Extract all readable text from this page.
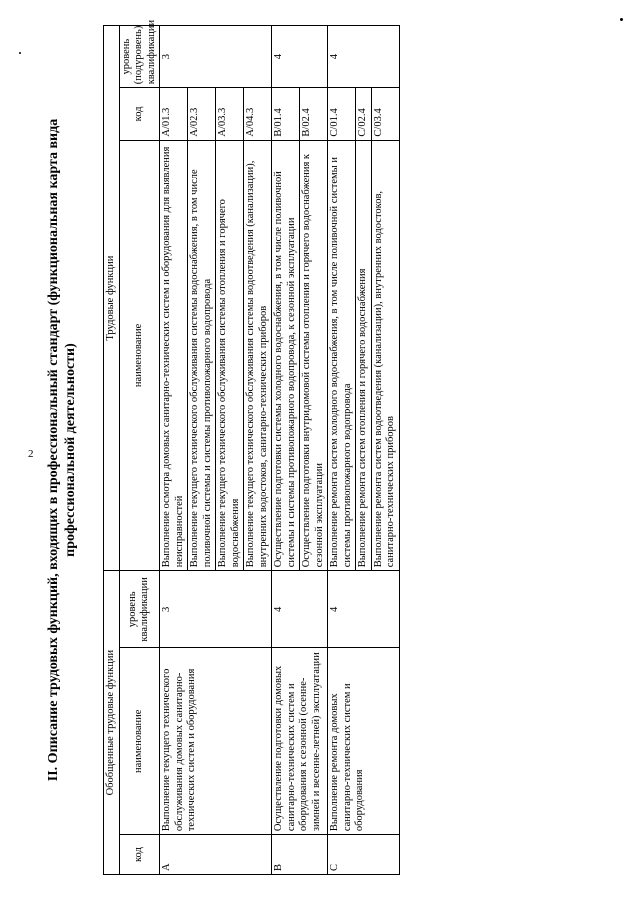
2 II. Описание трудовых функций, входящих в профессиональный стандарт (функциональная карта вида профессиональной деятельности)
Обобщенные трудовые функции			Трудовые функции		
код	наименование	уровень квалификации	наименование	код	уровень (подуровень) квалификации
A	Выполнение текущего технического обслуживания домовых санитарно-технических систем и оборудования	3	Выполнение осмотра домовых санитарно-технических систем и оборудования для выявления неисправностей	A/01.3	3
			Выполнение текущего технического обслуживания системы водоснабжения, в том числе поливочной системы и системы противопожарного водопровода	A/02.3	
			Выполнение текущего технического обслуживания системы отопления и горячего водоснабжения	A/03.3	
			Выполнение текущего технического обслуживания системы водоотведения (канализации), внутренних водостоков, санитарно-технических приборов	A/04.3	
B	Осуществление подготовки домовых санитарно-технических систем и оборудования к сезонной (осенне-зимней и весенне-летней) эксплуатации	4	Осуществление подготовки системы холодного водоснабжения, в том числе поливочной системы и системы противопожарного водопровода, к сезонной эксплуатации	B/01.4	4
			Осуществление подготовки внутридомовой системы отопления и горячего водоснабжения к сезонной эксплуатации	B/02.4	
C	Выполнение ремонта домовых санитарно-технических систем и оборудования	4	Выполнение ремонта систем холодного водоснабжения, в том числе поливочной системы и системы противопожарного водопровода	C/01.4	4
			Выполнение ремонта систем отопления и горячего водоснабжения	C/02.4	
			Выполнение ремонта систем водоотведения (канализации), внутренних водостоков, санитарно-технических приборов	C/03.4	
